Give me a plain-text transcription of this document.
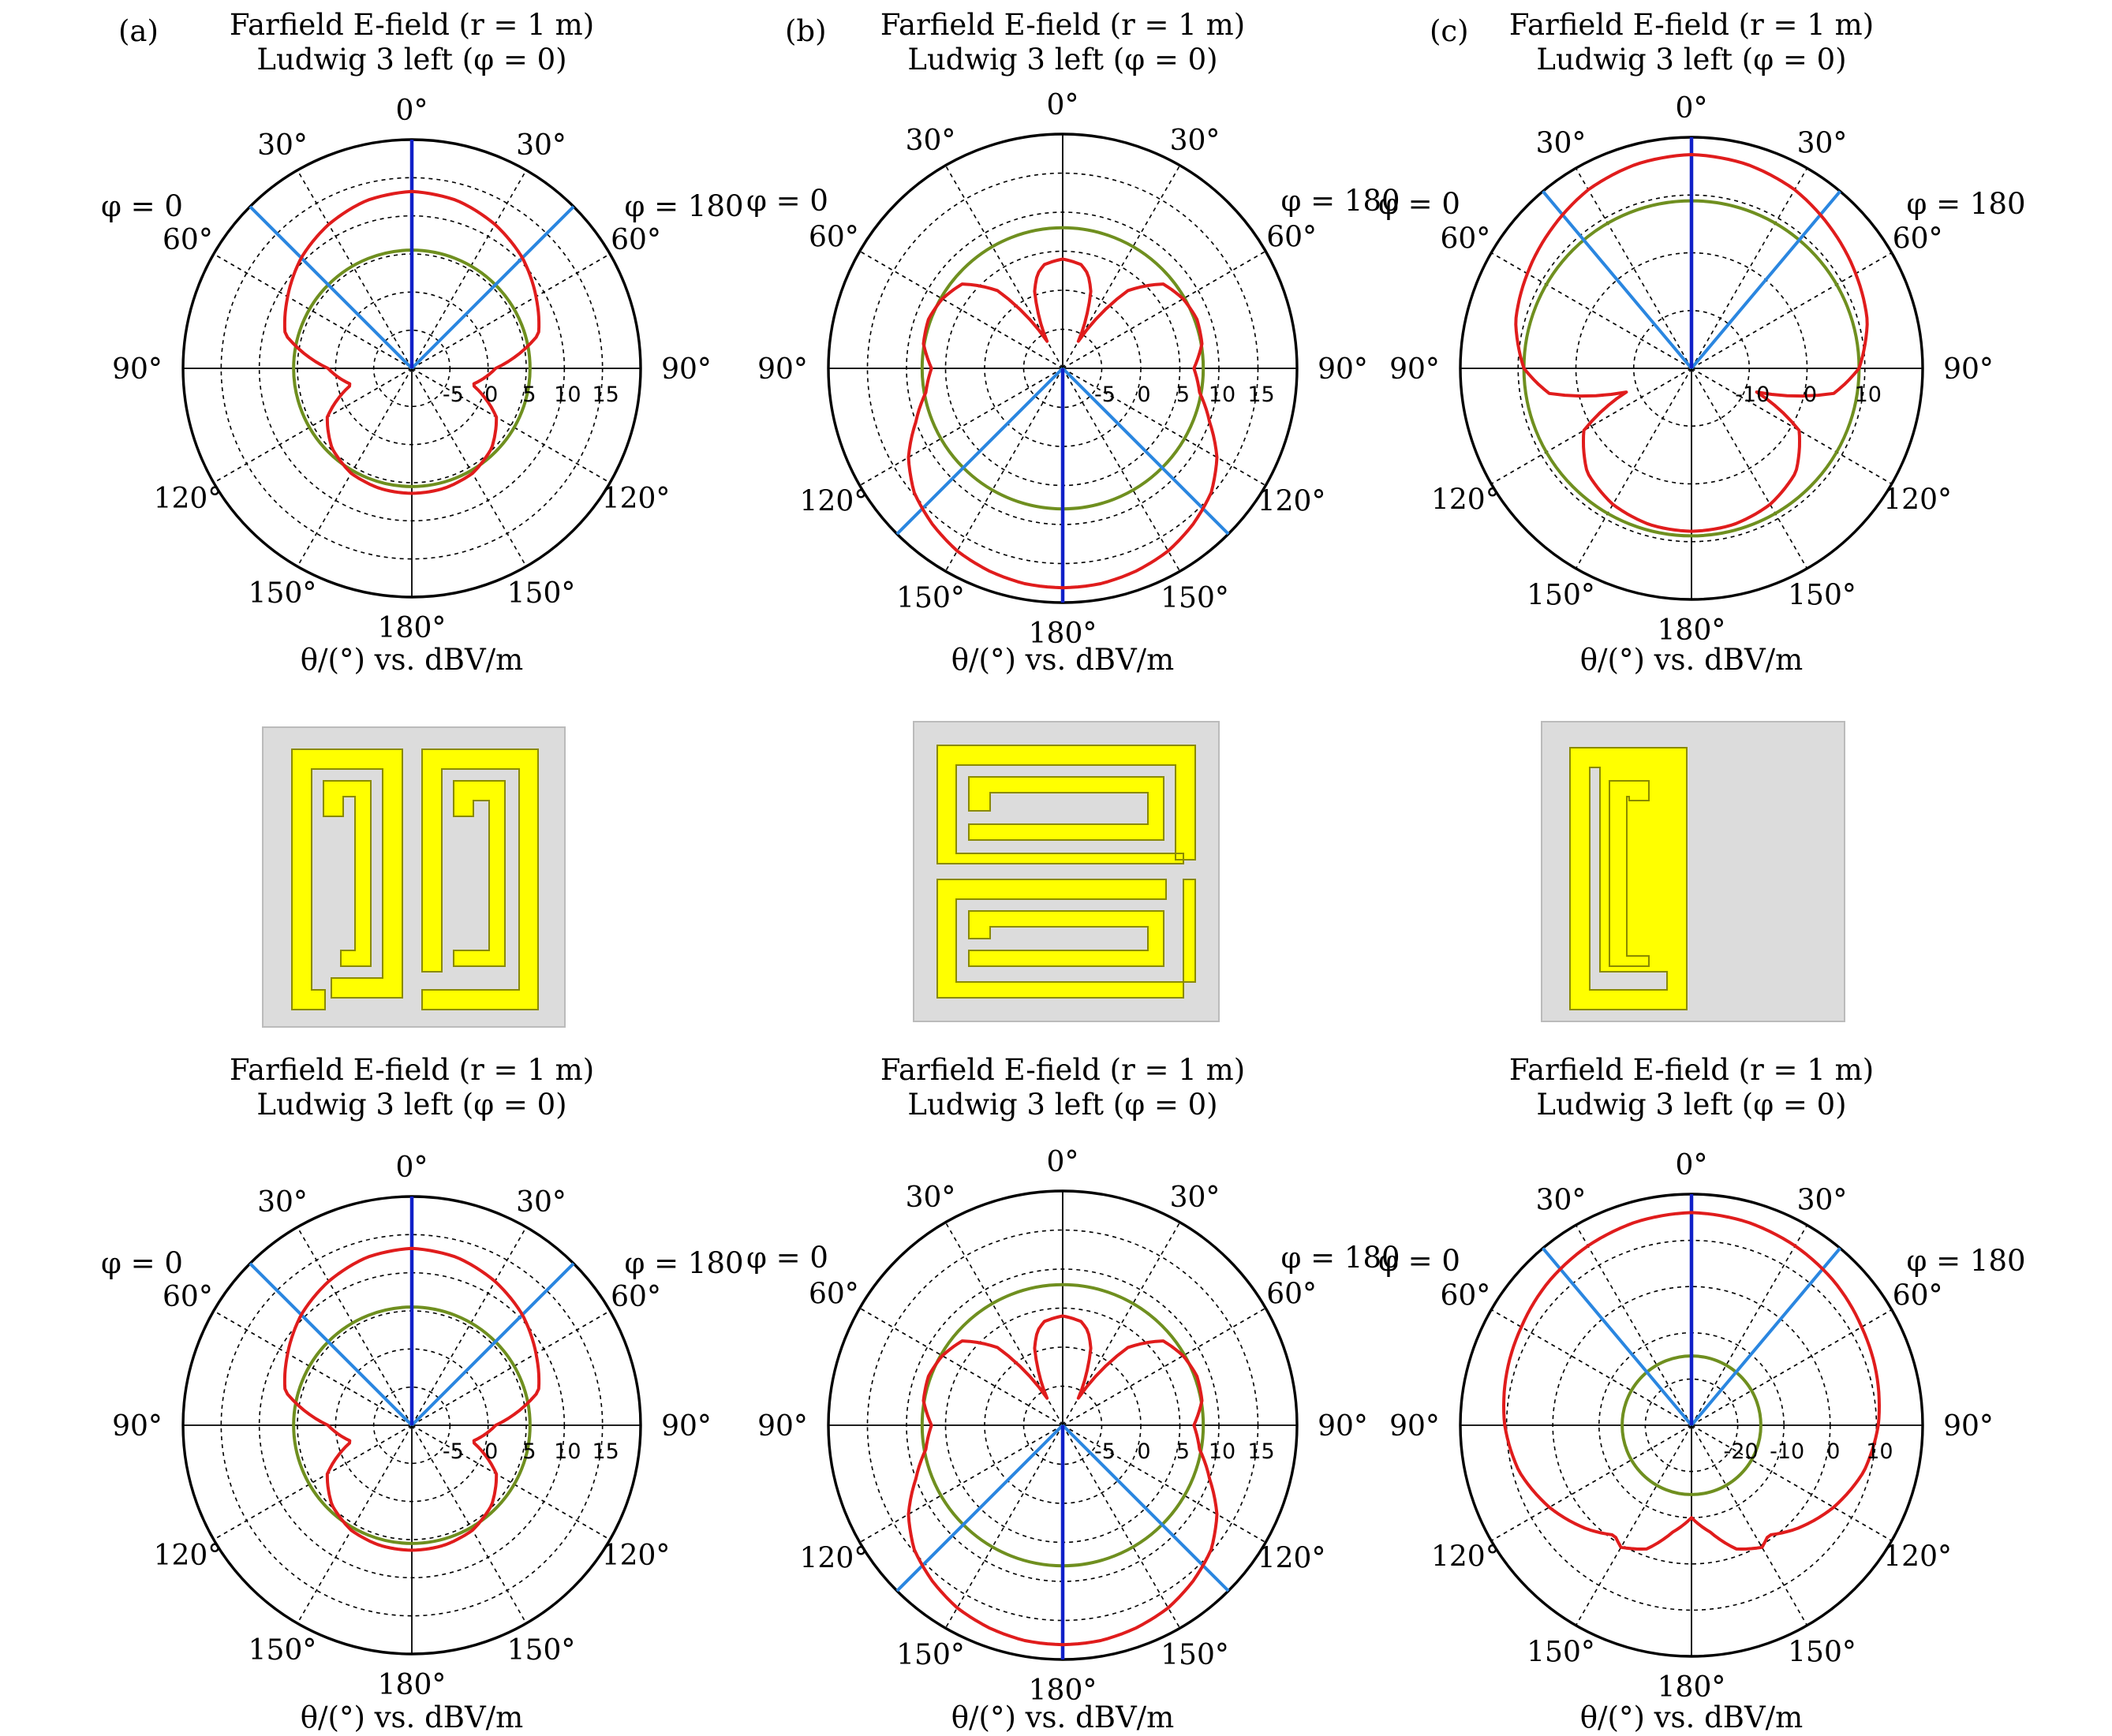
(a)	(b)	(c)
Farfield E-field (r = 1 m)
Ludwig 3 left (φ = 0)
0°
30°
30°
60°
60°
90°
90°
120°
120°
150°
150°
180°
φ = 0	φ = 180
-5 0 5 10 15
θ/(°) vs. dBV/m
Farfield E-field (r = 1 m)
Ludwig 3 left (φ = 0)
0°
30°
30°
60°
60°
90°
90°
120°
120°
150°
150°
180°
φ = 0	φ = 180
-5 0 5 10 15
θ/(°) vs. dBV/m
Farfield E-field (r = 1 m)
Ludwig 3 left (φ = 0)
0°
30°
30°
60°
60°
90°
90°
120°
120°
150°
150°
180°
φ = 0	φ = 180
-10 0 10
θ/(°) vs. dBV/m
Farfield E-field (r = 1 m)
Ludwig 3 left (φ = 0)
0°
30°
30°
60°
60°
90°
90°
120°
120°
150°
150°
180°
φ = 0	φ = 180
-5 0 5 10 15
θ/(°) vs. dBV/m
Farfield E-field (r = 1 m)
Ludwig 3 left (φ = 0)
0°
30°
30°
60°
60°
90°
90°
120°
120°
150°
150°
180°
φ = 0	φ = 180
-5 0 5 10 15
θ/(°) vs. dBV/m
Farfield E-field (r = 1 m)
Ludwig 3 left (φ = 0)
0°
30°
30°
60°
60°
90°
90°
120°
120°
150°
150°
180°
φ = 0	φ = 180
-20 -10 0 10
θ/(°) vs. dBV/m
